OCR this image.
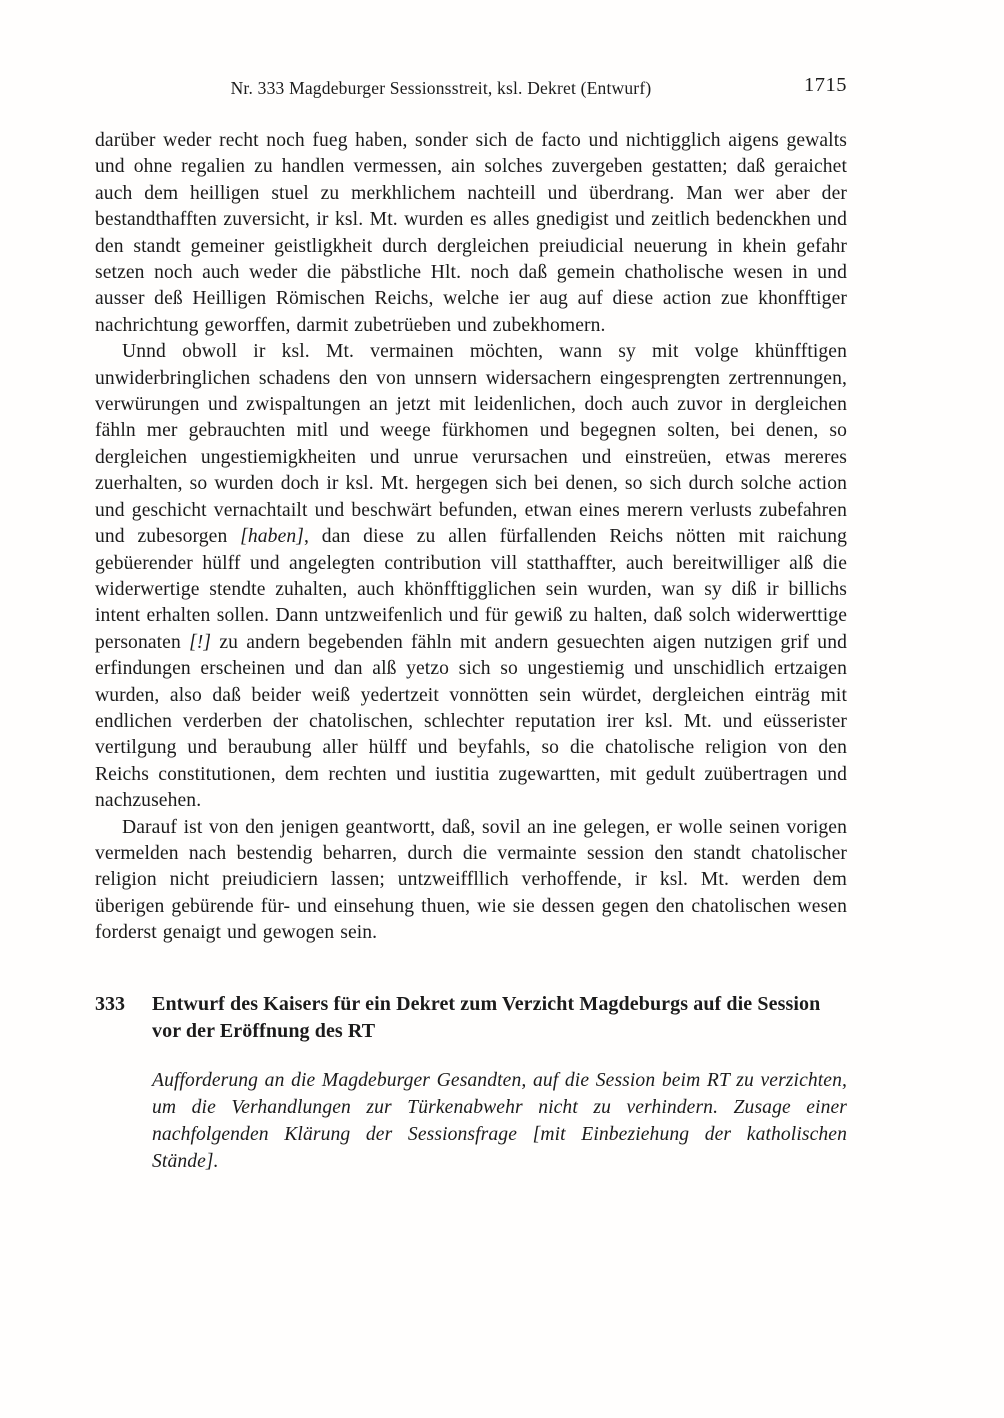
Nr. 333 Magdeburger Sessionsstreit, ksl. Dekret (Entwurf)	1715

darüber weder recht noch fueg haben, sonder sich de facto und nichtigglich aigens gewalts und ohne regalien zu handlen vermessen, ain solches zuvergeben gestatten; daß geraichet auch dem heilligen stuel zu merkhlichem nachteill und überdrang. Man wer aber der bestandthafften zuversicht, ir ksl. Mt. wurden es alles gnedigist und zeitlich bedenckhen und den standt gemeiner geistligkheit durch dergleichen preiudicial neuerung in khein gefahr setzen noch auch weder die päbstliche Hlt. noch daß gemein chatholische wesen in und ausser deß Heilligen Römischen Reichs, welche ier aug auf diese action zue khonfftiger nachrichtung geworffen, darmit zubetrüeben und zubekhomern.

Unnd obwoll ir ksl. Mt. vermainen möchten, wann sy mit volge khünfftigen unwiderbringlichen schadens den von unnsern widersachern eingesprengten zertrennungen, verwürungen und zwispaltungen an jetzt mit leidenlichen, doch auch zuvor in dergleichen fähln mer gebrauchten mitl und weege fürkhomen und begegnen solten, bei denen, so dergleichen ungestiemigkheiten und unrue verursachen und einstreüen, etwas mereres zuerhalten, so wurden doch ir ksl. Mt. hergegen sich bei denen, so sich durch solche action und geschicht vernachtailt und beschwärt befunden, etwan eines merern verlusts zubefahren und zubesorgen [haben], dan diese zu allen fürfallenden Reichs nötten mit raichung gebüerender hülff und angelegten contribution vill statthaffter, auch bereitwilliger alß die widerwertige stendte zuhalten, auch khönfftigglichen sein wurden, wan sy diß ir billichs intent erhalten sollen. Dann untzweifenlich und für gewiß zu halten, daß solch widerwerttige personaten [!] zu andern begebenden fähln mit andern gesuechten aigen nutzigen grif und erfindungen erscheinen und dan alß yetzo sich so ungestiemig und unschidlich ertzaigen wurden, also daß beider weiß yedertzeit vonnötten sein würdet, dergleichen einträg mit endlichen verderben der chatolischen, schlechter reputation irer ksl. Mt. und eüsserister vertilgung und beraubung aller hülff und beyfahls, so die chatolische religion von den Reichs constitutionen, dem rechten und iustitia zugewartten, mit gedult zuübertragen und nachzusehen.

Darauf ist von den jenigen geantwortt, daß, sovil an ine gelegen, er wolle seinen vorigen vermelden nach bestendig beharren, durch die vermainte session den standt chatolischer religion nicht preiudiciern lassen; untzweiffllich verhoffende, ir ksl. Mt. werden dem überigen gebürende für- und einsehung thuen, wie sie dessen gegen den chatolischen wesen forderst genaigt und gewogen sein.

333	Entwurf des Kaisers für ein Dekret zum Verzicht Magdeburgs auf die Session vor der Eröffnung des RT

Aufforderung an die Magdeburger Gesandten, auf die Session beim RT zu verzichten, um die Verhandlungen zur Türkenabwehr nicht zu verhindern. Zusage einer nachfolgenden Klärung der Sessionsfrage [mit Einbeziehung der katholischen Stände].
